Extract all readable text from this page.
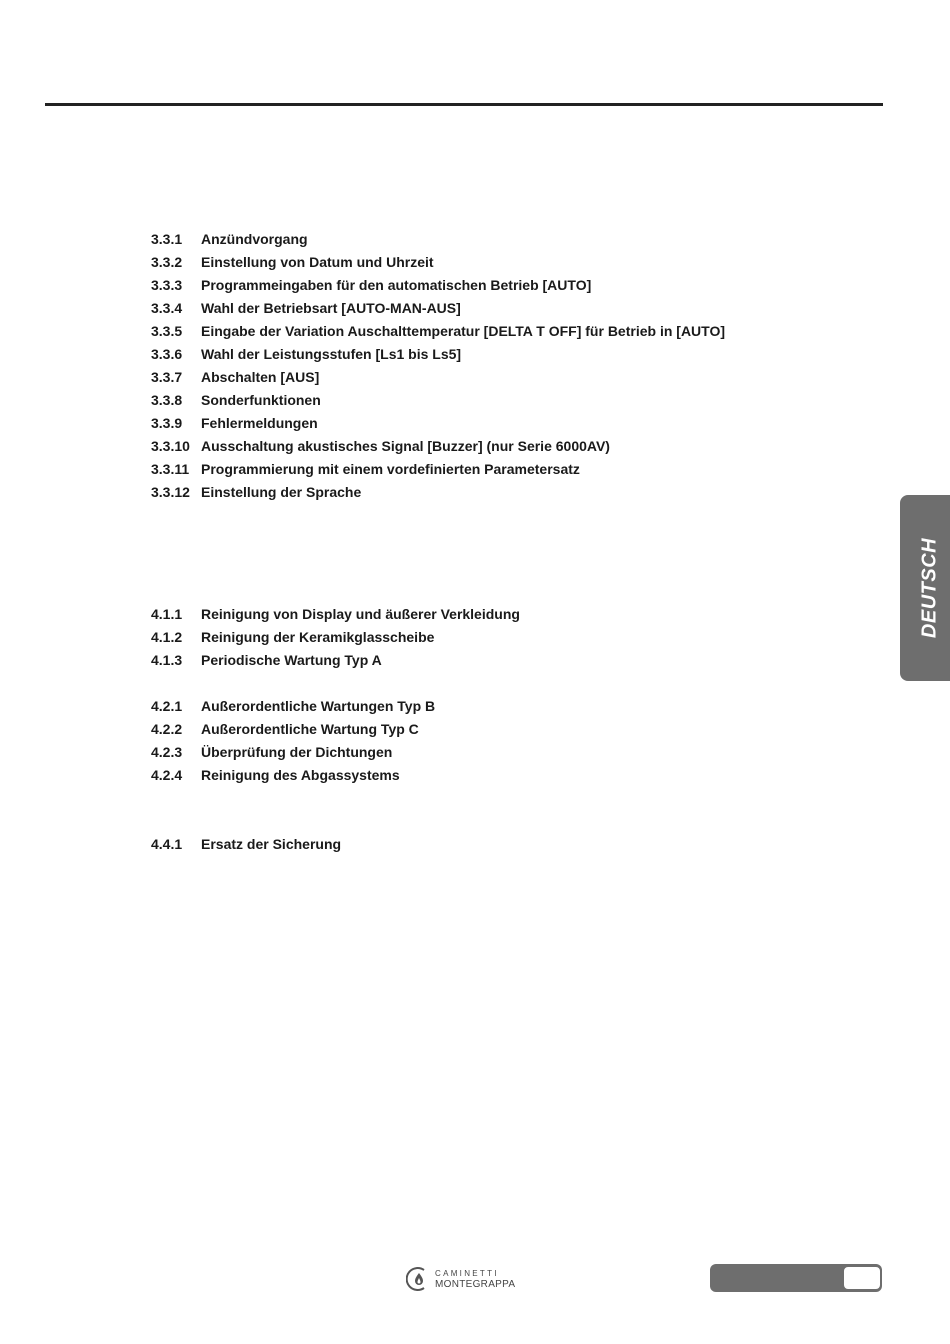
3.3.1	Anzündvorgang
3.3.2	Einstellung von Datum und Uhrzeit
3.3.3	Programmeingaben für den automatischen Betrieb [AUTO]
3.3.4	Wahl der Betriebsart [AUTO-MAN-AUS]
3.3.5	Eingabe der Variation Auschalttemperatur [DELTA T OFF] für Betrieb in [AUTO]
3.3.6	Wahl der Leistungsstufen [Ls1 bis Ls5]
3.3.7	Abschalten [AUS]
3.3.8	Sonderfunktionen
3.3.9	Fehlermeldungen
3.3.10 Ausschaltung akustisches Signal [Buzzer] (nur Serie 6000AV)
3.3.11 Programmierung mit einem vordefinierten Parametersatz
3.3.12 Einstellung der Sprache
4.1.1	Reinigung von Display und äußerer Verkleidung
4.1.2	Reinigung der Keramikglasscheibe
4.1.3	Periodische Wartung Typ A
4.2.1	Außerordentliche Wartungen Typ B
4.2.2	Außerordentliche Wartung Typ C
4.2.3	Überprüfung der Dichtungen
4.2.4	Reinigung des Abgassystems
4.4.1	Ersatz der Sicherung
DEUTSCH
CAMINETTI
MONTEGRAPPA
